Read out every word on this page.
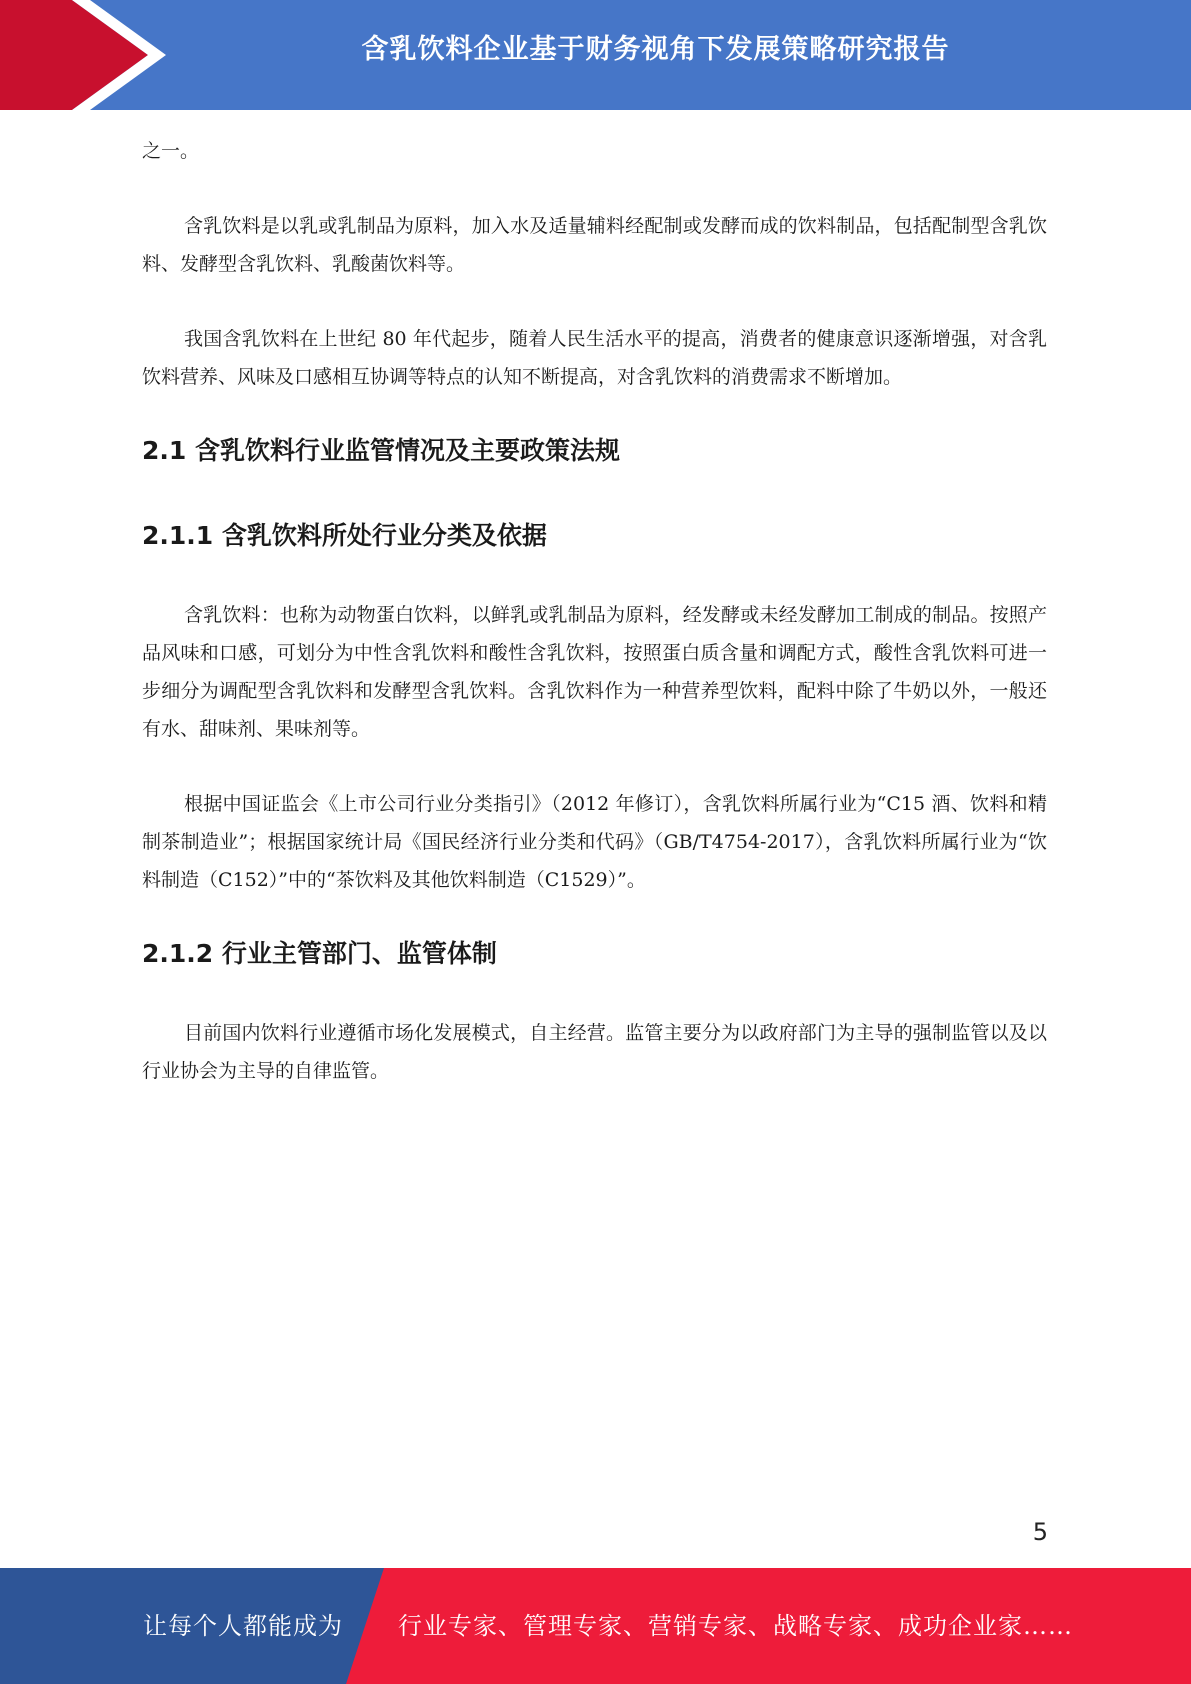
含乳饮料企业基于财务视角下发展策略研究报告

之一。

含乳饮料是以乳或乳制品为原料，加入水及适量辅料经配制或发酵而成的饮料制品，包括配制型含乳饮料、发酵型含乳饮料、乳酸菌饮料等。

我国含乳饮料在上世纪 80 年代起步，随着人民生活水平的提高，消费者的健康意识逐渐增强，对含乳饮料营养、风味及口感相互协调等特点的认知不断提高，对含乳饮料的消费需求不断增加。

2.1 含乳饮料行业监管情况及主要政策法规
2.1.1 含乳饮料所处行业分类及依据

含乳饮料：也称为动物蛋白饮料，以鲜乳或乳制品为原料，经发酵或未经发酵加工制成的制品。按照产品风味和口感，可划分为中性含乳饮料和酸性含乳饮料，按照蛋白质含量和调配方式，酸性含乳饮料可进一步细分为调配型含乳饮料和发酵型含乳饮料。含乳饮料作为一种营养型饮料，配料中除了牛奶以外，一般还有水、甜味剂、果味剂等。

根据中国证监会《上市公司行业分类指引》（2012 年修订），含乳饮料所属行业为“C15 酒、饮料和精制茶制造业”；根据国家统计局《国民经济行业分类和代码》（GB/T4754-2017），含乳饮料所属行业为“饮料制造（C152）”中的“茶饮料及其他饮料制造（C1529）”。

2.1.2 行业主管部门、监管体制

目前国内饮料行业遵循市场化发展模式，自主经营。监管主要分为以政府部门为主导的强制监管以及以行业协会为主导的自律监管。

5
让每个人都能成为 行业专家、管理专家、营销专家、战略专家、成功企业家……
